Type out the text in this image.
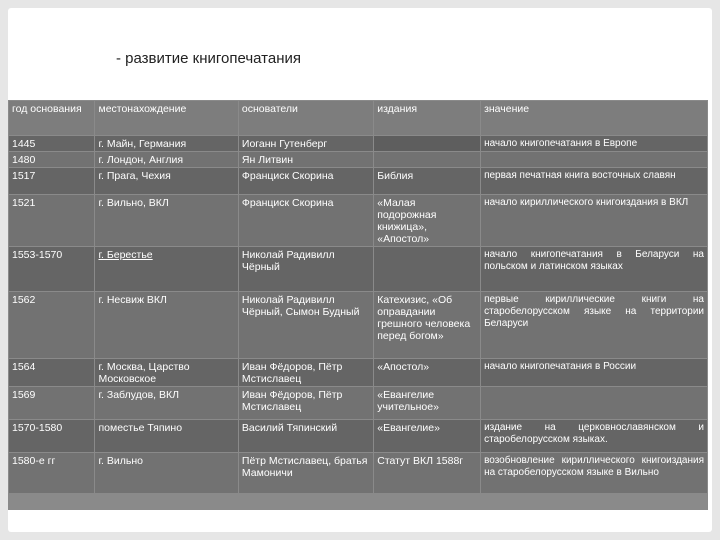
- развитие книгопечатания
год основания	местонахождение	основатели	издания	значение
1445	г. Майн, Германия	Иоганн Гутенберг		начало книгопечатания в Европе
1480	г. Лондон, Англия	Ян Литвин		
1517	г. Прага, Чехия	Франциск Скорина	Библия	первая печатная книга восточных славян
1521	г. Вильно, ВКЛ	Франциск Скорина	«Малая подорожная книжица», «Апостол»	начало кириллического книгоиздания в ВКЛ
1553-1570	г. Берестье	Николай Радивилл Чёрный		начало книгопечатания в Беларуси на польском и латинском языках
1562	г. Несвиж ВКЛ	Николай Радивилл Чёрный, Сымон Будный	Катехизис, «Об оправдании грешного человека перед богом»	первые кириллические книги на старобелорусском языке на территории Беларуси
1564	г. Москва, Царство Московское	Иван Фёдоров, Пётр Мстиславец	«Апостол»	начало книгопечатания в России
1569	г. Заблудов, ВКЛ	Иван Фёдоров, Пётр Мстиславец	«Евангелие учительное»	
1570-1580	поместье Тяпино	Василий Тяпинский	«Евангелие»	издание на церковнославянском и старобелорусском языках.
1580-е гг	г. Вильно	Пётр Мстиславец, братья Мамоничи	Статут ВКЛ 1588г	возобновление кириллического книгоиздания на старобелорусском языке в Вильно
